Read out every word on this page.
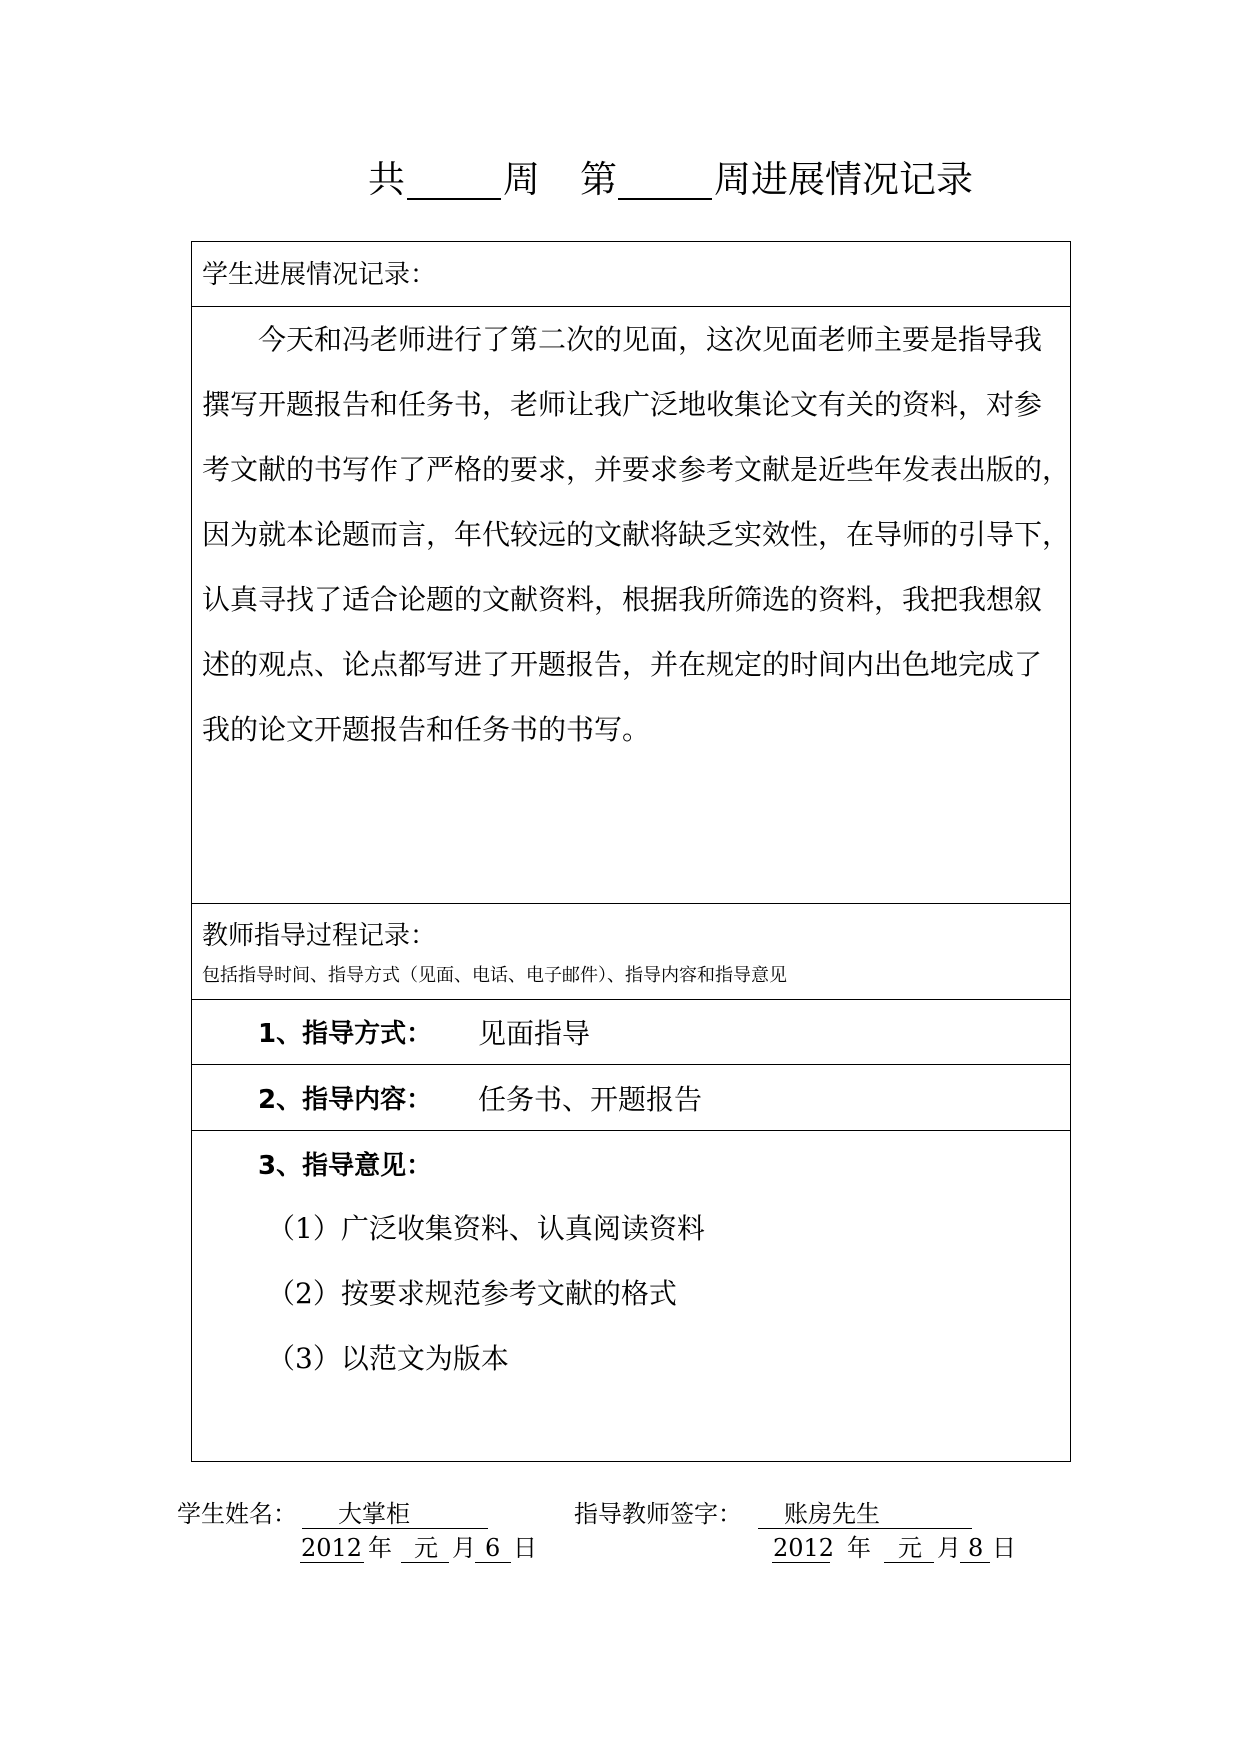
共	周 第	周进展情况记录
学生进展情况记录：

　　今天和冯老师进行了第二次的见面，这次见面老师主要是指导我

撰写开题报告和任务书，老师让我广泛地收集论文有关的资料，对参

考文献的书写作了严格的要求，并要求参考文献是近些年发表出版的，

因为就本论题而言，年代较远的文献将缺乏实效性，在导师的引导下，

认真寻找了适合论题的文献资料，根据我所筛选的资料，我把我想叙

述的观点、论点都写进了开题报告，并在规定的时间内出色地完成了

我的论文开题报告和任务书的书写。

教师指导过程记录：
包括指导时间、指导方式（见面、电话、电子邮件）、指导内容和指导意见
1、指导方式： 见面指导
2、指导内容： 任务书、开题报告
3、指导意见：
（1）广泛收集资料、认真阅读资料
（2）按要求规范参考文献的格式
（3）以范文为版本
学生姓名： 大掌柜
2012 年 元 月 6 日
指导教师签字： 账房先生
2012 年 元 月 8 日
